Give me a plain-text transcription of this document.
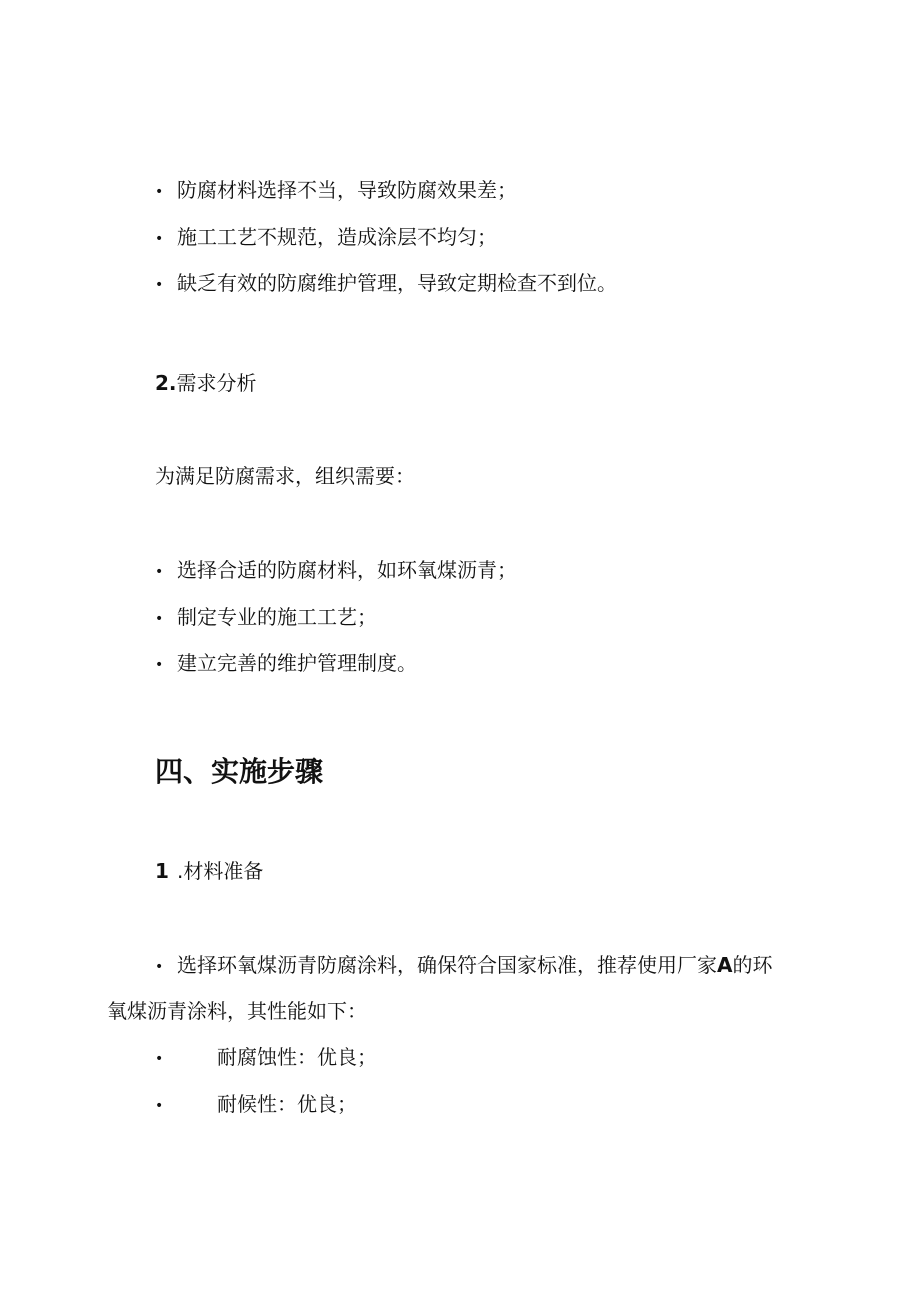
• 防腐材料选择不当，导致防腐效果差；
• 施工工艺不规范，造成涂层不均匀；
• 缺乏有效的防腐维护管理，导致定期检查不到位。
2.需求分析
为满足防腐需求，组织需要：
• 选择合适的防腐材料，如环氧煤沥青；
• 制定专业的施工工艺；
• 建立完善的维护管理制度。
四、实施步骤
1 .材料准备
• 选择环氧煤沥青防腐涂料，确保符合国家标准，推荐使用厂家A的环
氧煤沥青涂料，其性能如下：
•	耐腐蚀性：优良；
•	耐候性：优良；
